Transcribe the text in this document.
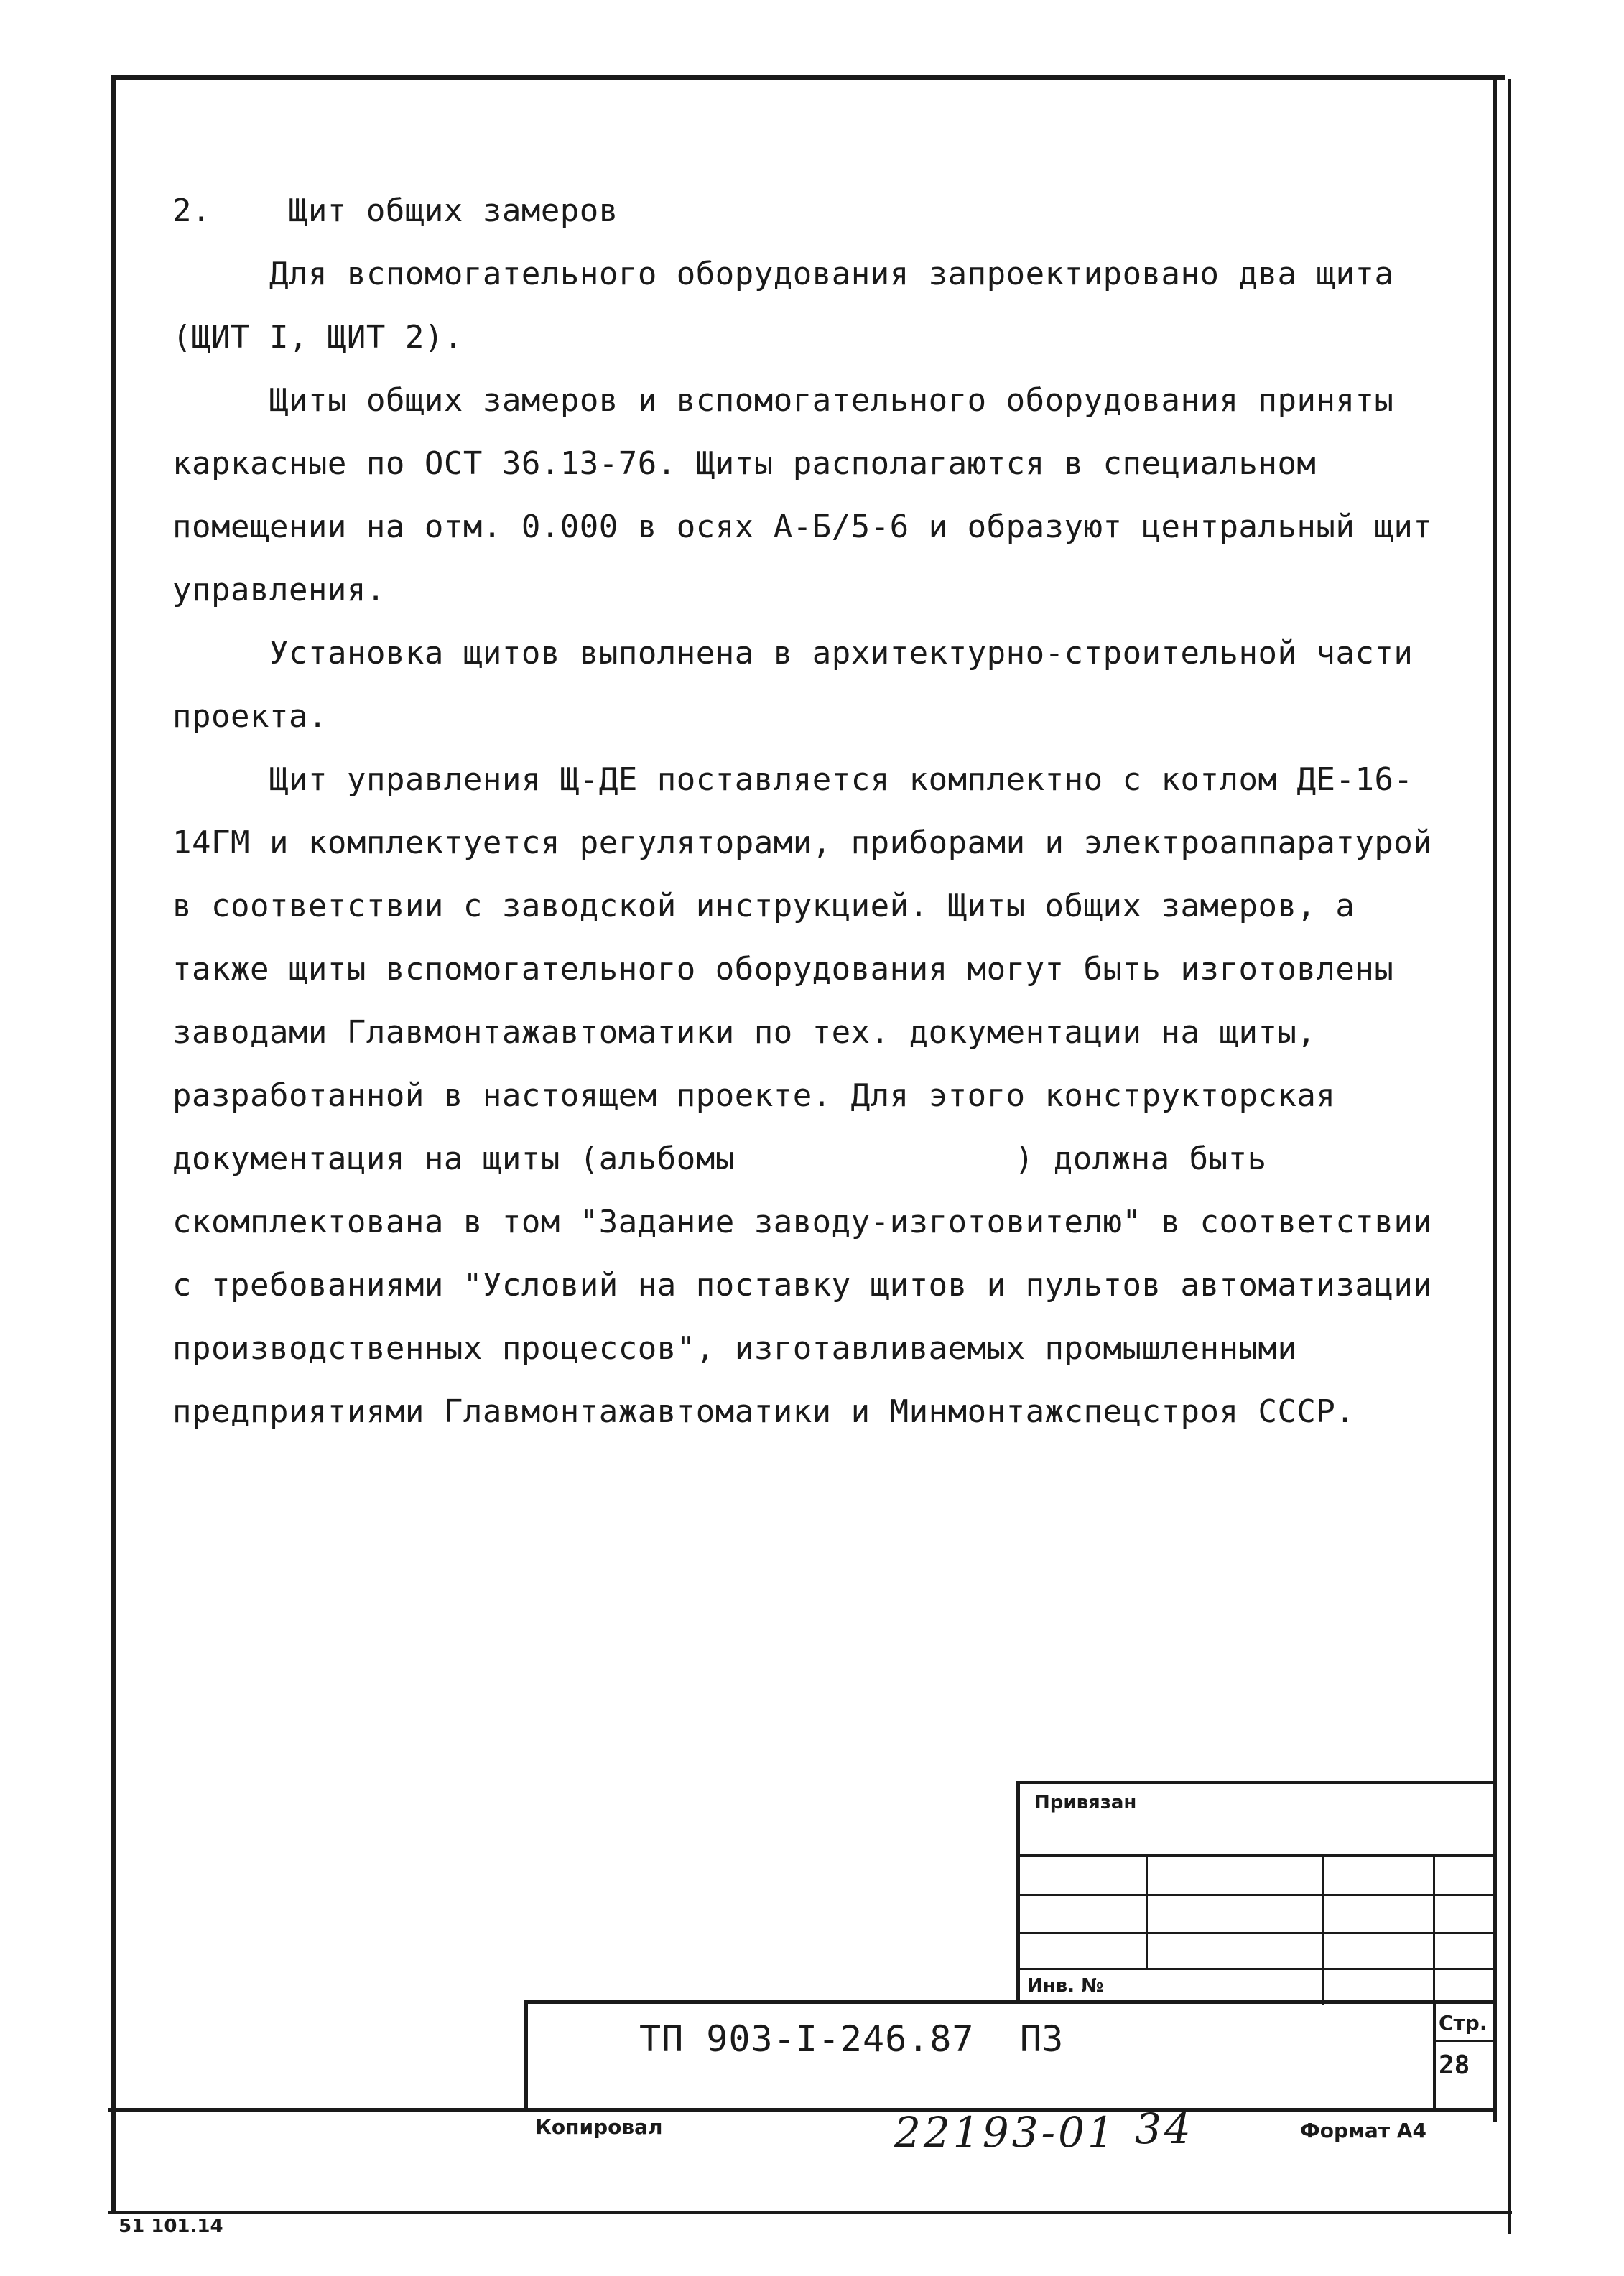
2.    Щит общих замеров

Для вспомогательного оборудования запроектировано два щита (ЩИТ I, ЩИТ 2).

Щиты общих замеров и вспомогательного оборудования приняты каркасные по ОСТ 36.13-76. Щиты располагаются в специальном помещении на отм. 0.000 в осях А-Б/5-6 и образуют центральный щит управления.

Установка щитов выполнена в архитектурно-строительной части проекта.

Щит управления Щ-ДЕ поставляется комплектно с котлом ДЕ-16-14ГМ и комплектуется регуляторами, приборами и электроаппаратурой в соответствии с заводской инструкцией. Щиты общих замеров, а также щиты вспомогательного оборудования могут быть изготовлены заводами Главмонтажавтоматики по тех. документации на щиты, разработанной в настоящем проекте. Для этого конструкторская документация на щиты (альбомы	) должна быть скомплектована в том "Задание заводу-изготовителю" в соответствии с требованиями "Условий на поставку щитов и пультов автоматизации производственных процессов", изготавливаемых промышленными предприятиями Главмонтажавтоматики и Минмонтажспецстроя СССР.

Привязан
Инв. №
ТП 903-I-246.87 ПЗ	Стр.
28
Копировал	22193-01 34	Формат А4
51 101.14
